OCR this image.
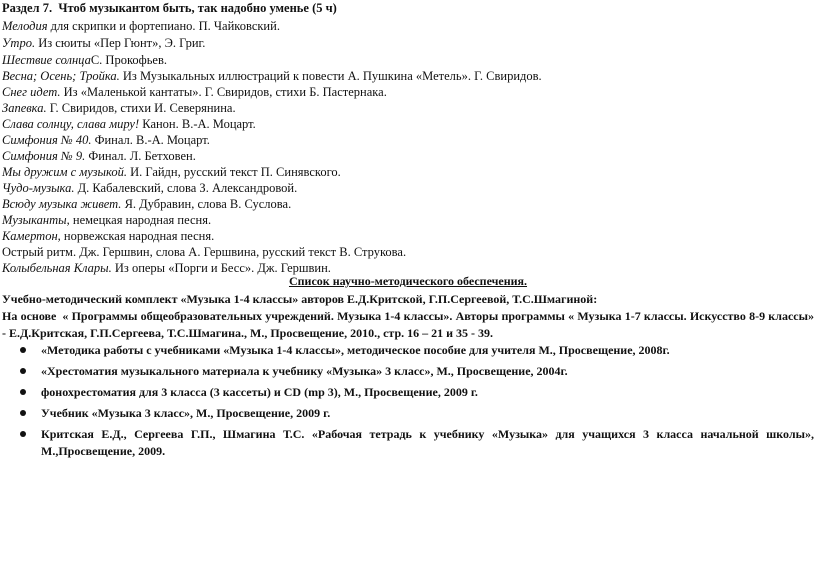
Раздел 7.  Чтоб музыкантом быть, так надобно уменье (5 ч)
Мелодия для скрипки и фортепиано. П. Чайковский.
Утро. Из сюиты «Пер Гюнт», Э. Григ.
Шествие солнцаС. Прокофьев.
Весна; Осень; Тройка. Из Музыкальных иллюстраций к повести А. Пушкина «Метель». Г. Свиридов.
Снег идет. Из «Маленькой кантаты». Г. Свиридов, стихи Б. Пастернака.
Запевка. Г. Свиридов, стихи И. Северянина.
Слава солнцу, слава миру! Канон. В.-А. Моцарт.
Симфония № 40. Финал. В.-А. Моцарт.
Симфония № 9. Финал. Л. Бетховен.
Мы дружим с музыкой. И. Гайдн, русский текст П. Синявского.
Чудо-музыка. Д. Кабалевский, слова З. Александровой.
Всюду музыка живет. Я. Дубравин, слова В. Суслова.
Музыканты, немецкая народная песня.
Камертон, норвежская народная песня.
Острый ритм. Дж. Гершвин, слова А. Гершвина, русский текст В. Струкова.
Колыбельная Клары. Из оперы «Порги и Бесс». Дж. Гершвин.
Список научно-методического обеспечения.
Учебно-методический комплект «Музыка 1-4 классы» авторов Е.Д.Критской, Г.П.Сергеевой, Т.С.Шмагиной:
На основе « Программы общеобразовательных учреждений. Музыка 1-4 классы». Авторы программы « Музыка 1-7 классы. Искусство 8-9 классы» - Е.Д.Критская, Г.П.Сергеева, Т.С.Шмагина., М., Просвещение, 2010., стр. 16 – 21 и 35 - 39.
«Методика работы с учебниками «Музыка 1-4 классы», методическое пособие для учителя М., Просвещение, 2008г.
«Хрестоматия музыкального материала к учебнику «Музыка» 3 класс», М., Просвещение, 2004г.
фонохрестоматия для 3 класса (3 кассеты) и CD (mp 3), М., Просвещение, 2009 г.
Учебник «Музыка 3 класс», М., Просвещение, 2009 г.
Критская Е.Д., Сергеева Г.П., Шмагина Т.С. «Рабочая тетрадь к учебнику «Музыка» для учащихся 3 класса начальной школы», М.,Просвещение, 2009.
